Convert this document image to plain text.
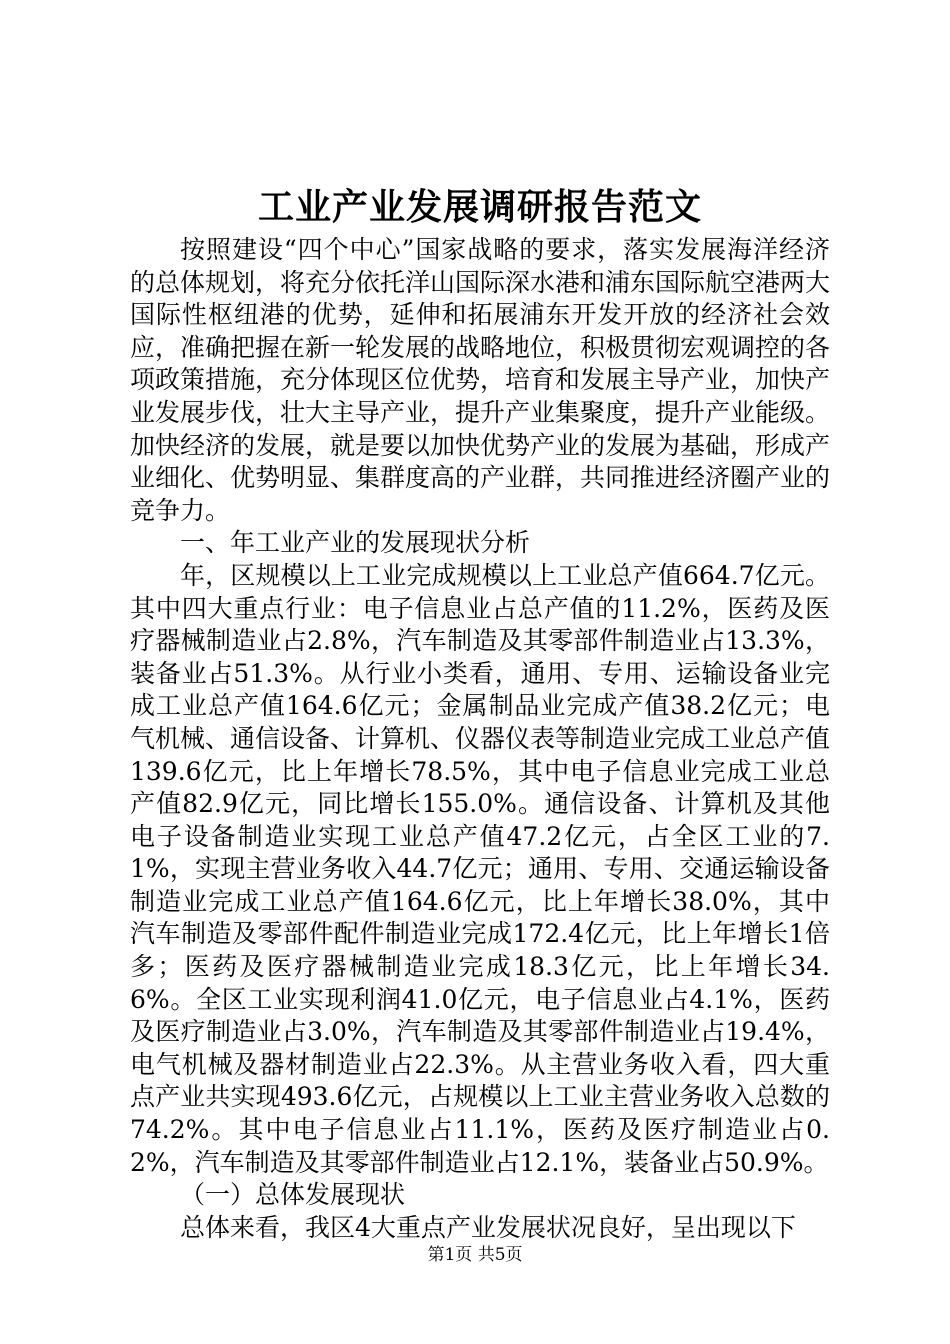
工业产业发展调研报告范文

按照建设“四个中心”国家战略的要求，落实发展海洋经济的总体规划，将充分依托洋山国际深水港和浦东国际航空港两大国际性枢纽港的优势，延伸和拓展浦东开发开放的经济社会效应，准确把握在新一轮发展的战略地位，积极贯彻宏观调控的各项政策措施，充分体现区位优势，培育和发展主导产业，加快产业发展步伐，壮大主导产业，提升产业集聚度，提升产业能级。加快经济的发展，就是要以加快优势产业的发展为基础，形成产业细化、优势明显、集群度高的产业群，共同推进经济圈产业的竞争力。

一、年工业产业的发展现状分析

年，区规模以上工业完成规模以上工业总产值664.7亿元。其中四大重点行业：电子信息业占总产值的11.2%，医药及医疗器械制造业占2.8%，汽车制造及其零部件制造业占13.3%，装备业占51.3%。从行业小类看，通用、专用、运输设备业完成工业总产值164.6亿元；金属制品业完成产值38.2亿元；电气机械、通信设备、计算机、仪器仪表等制造业完成工业总产值139.6亿元，比上年增长78.5%，其中电子信息业完成工业总产值82.9亿元，同比增长155.0%。通信设备、计算机及其他电子设备制造业实现工业总产值47.2亿元，占全区工业的7.1%，实现主营业务收入44.7亿元；通用、专用、交通运输设备制造业完成工业总产值164.6亿元，比上年增长38.0%，其中汽车制造及零部件配件制造业完成172.4亿元，比上年增长1倍多；医药及医疗器械制造业完成18.3亿元，比上年增长34.6%。全区工业实现利润41.0亿元，电子信息业占4.1%，医药及医疗制造业占3.0%，汽车制造及其零部件制造业占19.4%，电气机械及器材制造业占22.3%。从主营业务收入看，四大重点产业共实现493.6亿元，占规模以上工业主营业务收入总数的74.2%。其中电子信息业占11.1%，医药及医疗制造业占0.2%，汽车制造及其零部件制造业占12.1%，装备业占50.9%。

（一）总体发展现状

总体来看，我区4大重点产业发展状况良好，呈出现以下

第1页 共5页
